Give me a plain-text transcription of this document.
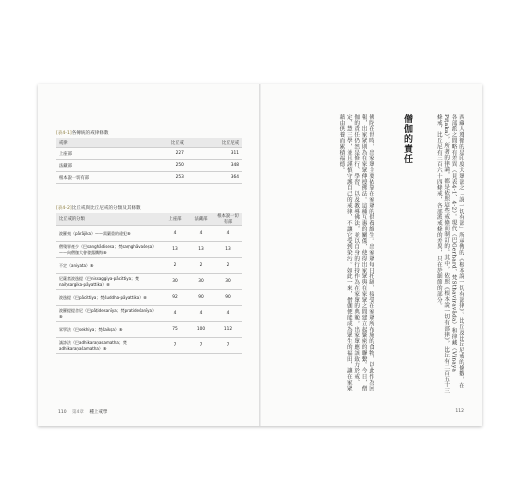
[表4-1]各傳統的戒律條數
戒律	比丘戒	比丘尼戒
上座部	227	311
法藏部	250	348
根本說一切有部	253	364
[表4-2]比丘戒與比丘尼戒的分類及其條數
比丘戒的分類	上座部	法藏部	根本說一切有部
波羅夷（pārājika）——需嚴重的違犯⑧	4	4	4
僧殘罪產少（巴sanghādisesa；梵saṃghāvaśeṣa）——向僧伽大會發露懺悔⑧	13	13	13
不定（aniyata）⑧	2	2	2
尼薩耆波逸提（巴nissaggiya-pācittiya；梵naiḥsargika-pāyattika）⑧	30	30	30
波逸提（巴pācittiya；梵śuddha-pāyattika）⑧	92	90	90
波羅提提舍尼（巴pāṭidesanīya；梵pratideśanīya）⑧	4	4	4
眾學法（巴sekhiya；梵śaikṣa）⑧	75	100	112
滅諍法（巴adhikaraṇasamatha；梵adhikaraṇaśamatha）⑧	7	7	7
110 第4章 種上戒學
西藏人遵循的是印度大眾部之「說一切有部」所承傳的《根本說一切有部律》。比丘及比丘尼戒的條數，在各部派之間略有差異（見表4-1、4-2）。現代（巴Gerhard、梵Sthaviravāda）和律藏（Vinaya Piṭaka），所著的律論，都是依照這些戒條而制訂的。其中，依照《根本說一切有部律》，比丘有二百五十三條戒，比丘尼有三百六十四條戒，各部派戒條的差異，只在於細節的部分。
僧伽的責任
佛陀在世時，出家眾主要依靠在家眾的供養維生。出家眾每日托缽，接受在家眾所布施的食物，以此作為回報，出家眾則為在家眾傳授佛法。這種互惠的關係，使得出家眾與在家眾之間建立起緊密的聯繫。今日，僧伽的責任仍然是修行、學習、以及教導佛法，並以自身的行持作為在家眾的典範。出家眾應該致力於戒、定、慧三學，並且謹慎守護自己的戒律，不讓它受到染污。如此一來，僧伽便能成為眾生的福田，讓在家眾藉由供養而累積福德。
112
